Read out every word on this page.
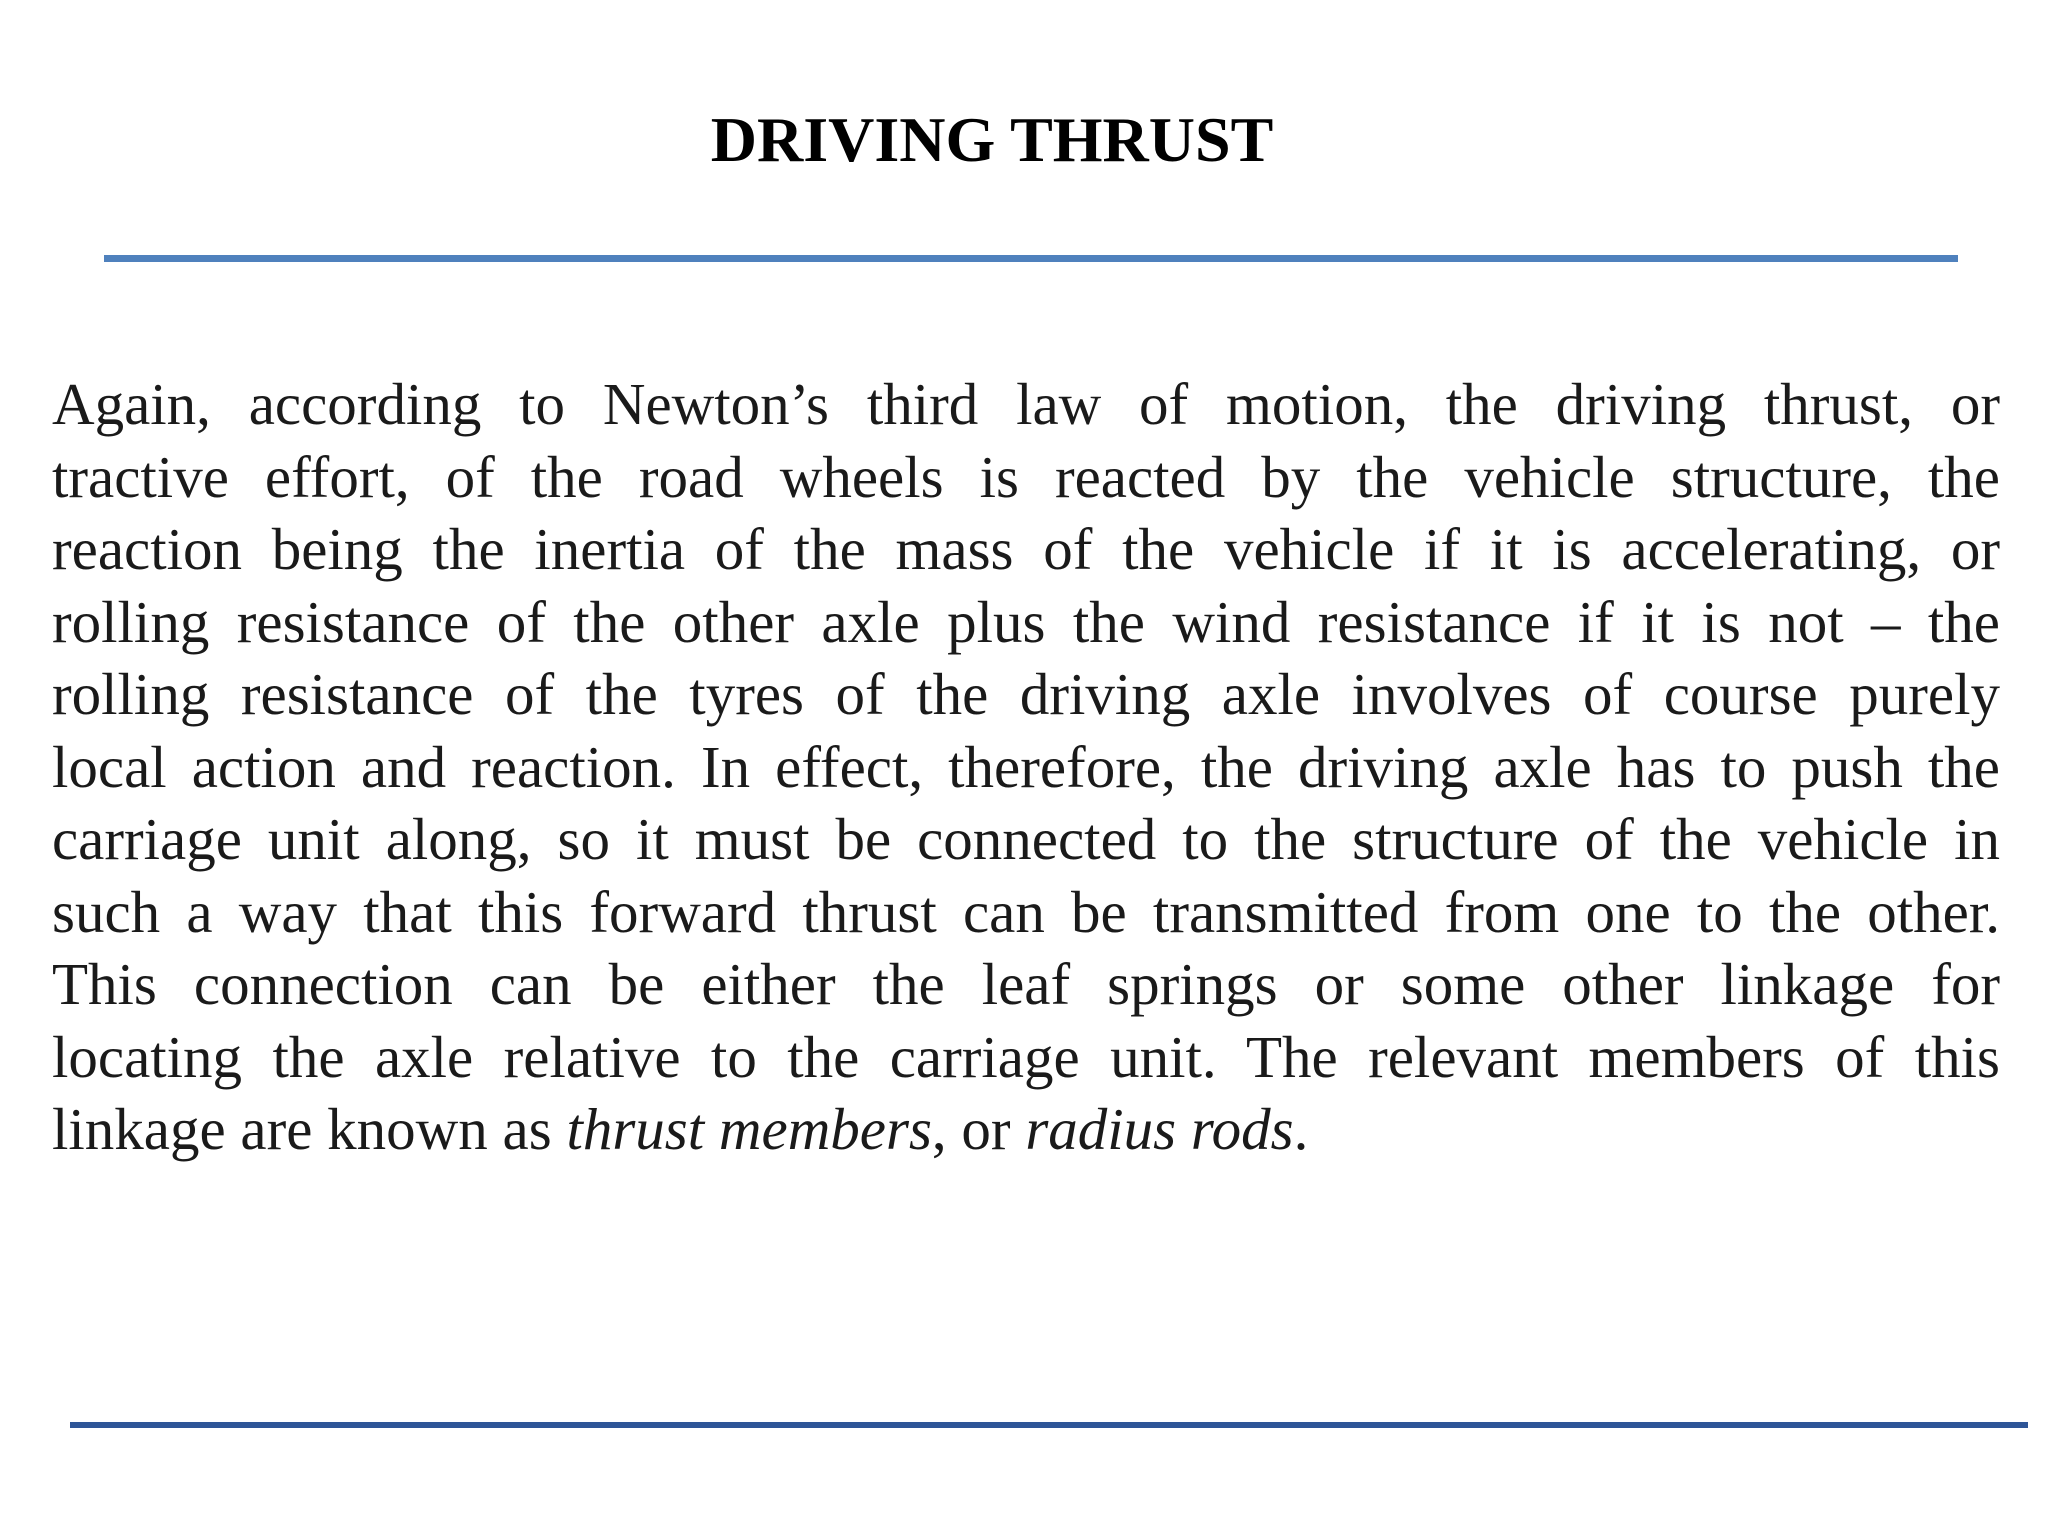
DRIVING THRUST
Again, according to Newton’s third law of motion, the driving thrust, or
tractive effort, of the road wheels is reacted by the vehicle structure, the
reaction being the inertia of the mass of the vehicle if it is accelerating, or
rolling resistance of the other axle plus the wind resistance if it is not – the
rolling resistance of the tyres of the driving axle involves of course purely
local action and reaction. In effect, therefore, the driving axle has to push the
carriage unit along, so it must be connected to the structure of the vehicle in
such a way that this forward thrust can be transmitted from one to the other.
This connection can be either the leaf springs or some other linkage for
locating the axle relative to the carriage unit. The relevant members of this
linkage are known as thrust members, or radius rods.
